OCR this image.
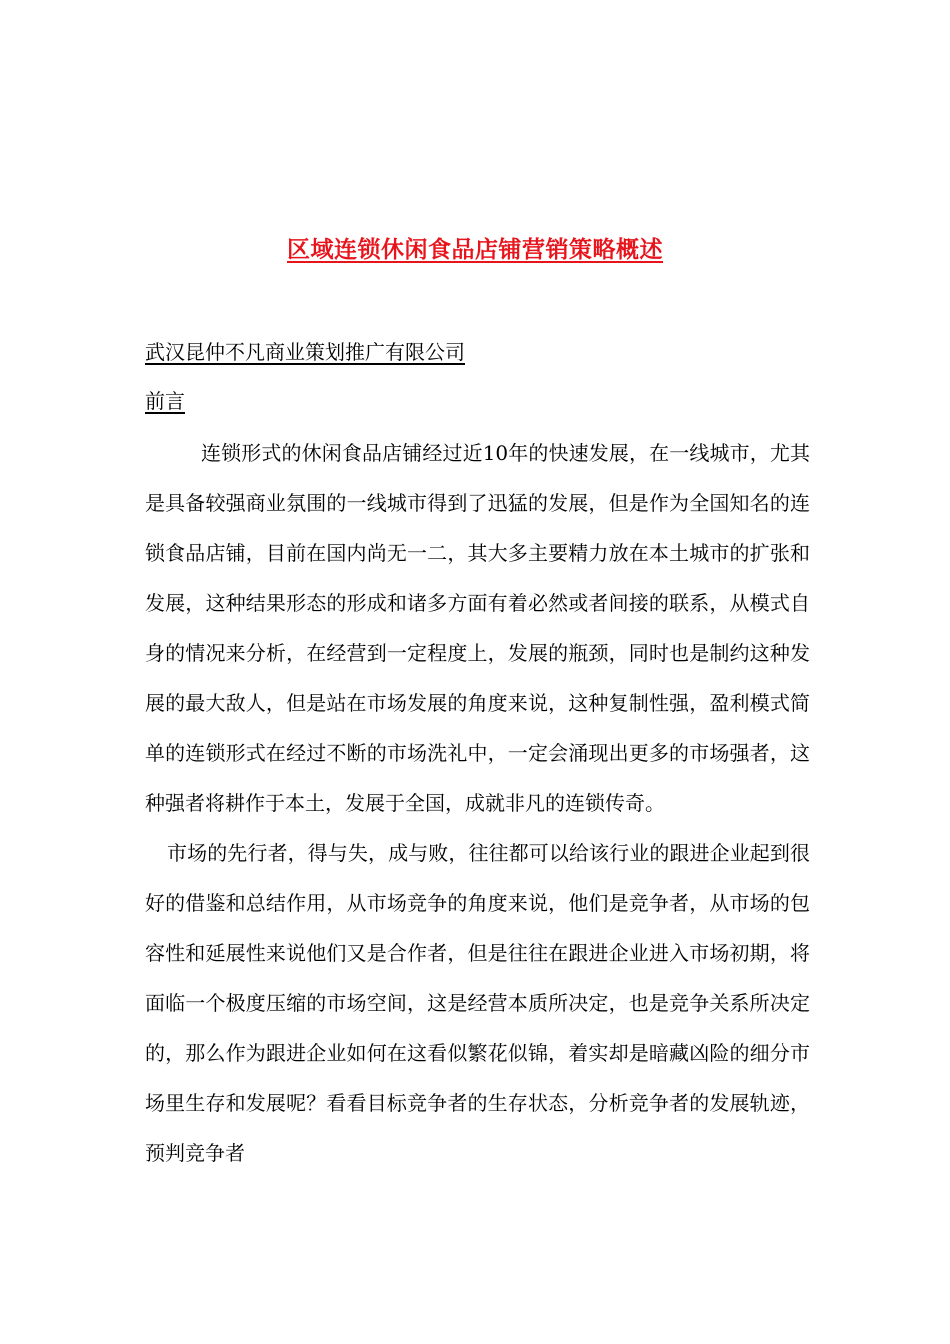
区域连锁休闲食品店铺营销策略概述
武汉昆仲不凡商业策划推广有限公司
前言

连锁形式的休闲食品店铺经过近10年的快速发展，在一线城市，尤其是具备较强商业氛围的一线城市得到了迅猛的发展，但是作为全国知名的连锁食品店铺，目前在国内尚无一二，其大多主要精力放在本土城市的扩张和发展，这种结果形态的形成和诸多方面有着必然或者间接的联系，从模式自身的情况来分析，在经营到一定程度上，发展的瓶颈，同时也是制约这种发展的最大敌人，但是站在市场发展的角度来说，这种复制性强，盈利模式简单的连锁形式在经过不断的市场洗礼中，一定会涌现出更多的市场强者，这种强者将耕作于本土，发展于全国，成就非凡的连锁传奇。

市场的先行者，得与失，成与败，往往都可以给该行业的跟进企业起到很好的借鉴和总结作用，从市场竞争的角度来说，他们是竞争者，从市场的包容性和延展性来说他们又是合作者，但是往往在跟进企业进入市场初期，将面临一个极度压缩的市场空间，这是经营本质所决定，也是竞争关系所决定的，那么作为跟进企业如何在这看似繁花似锦，着实却是暗藏凶险的细分市场里生存和发展呢？看看目标竞争者的生存状态，分析竞争者的发展轨迹，预判竞争者
